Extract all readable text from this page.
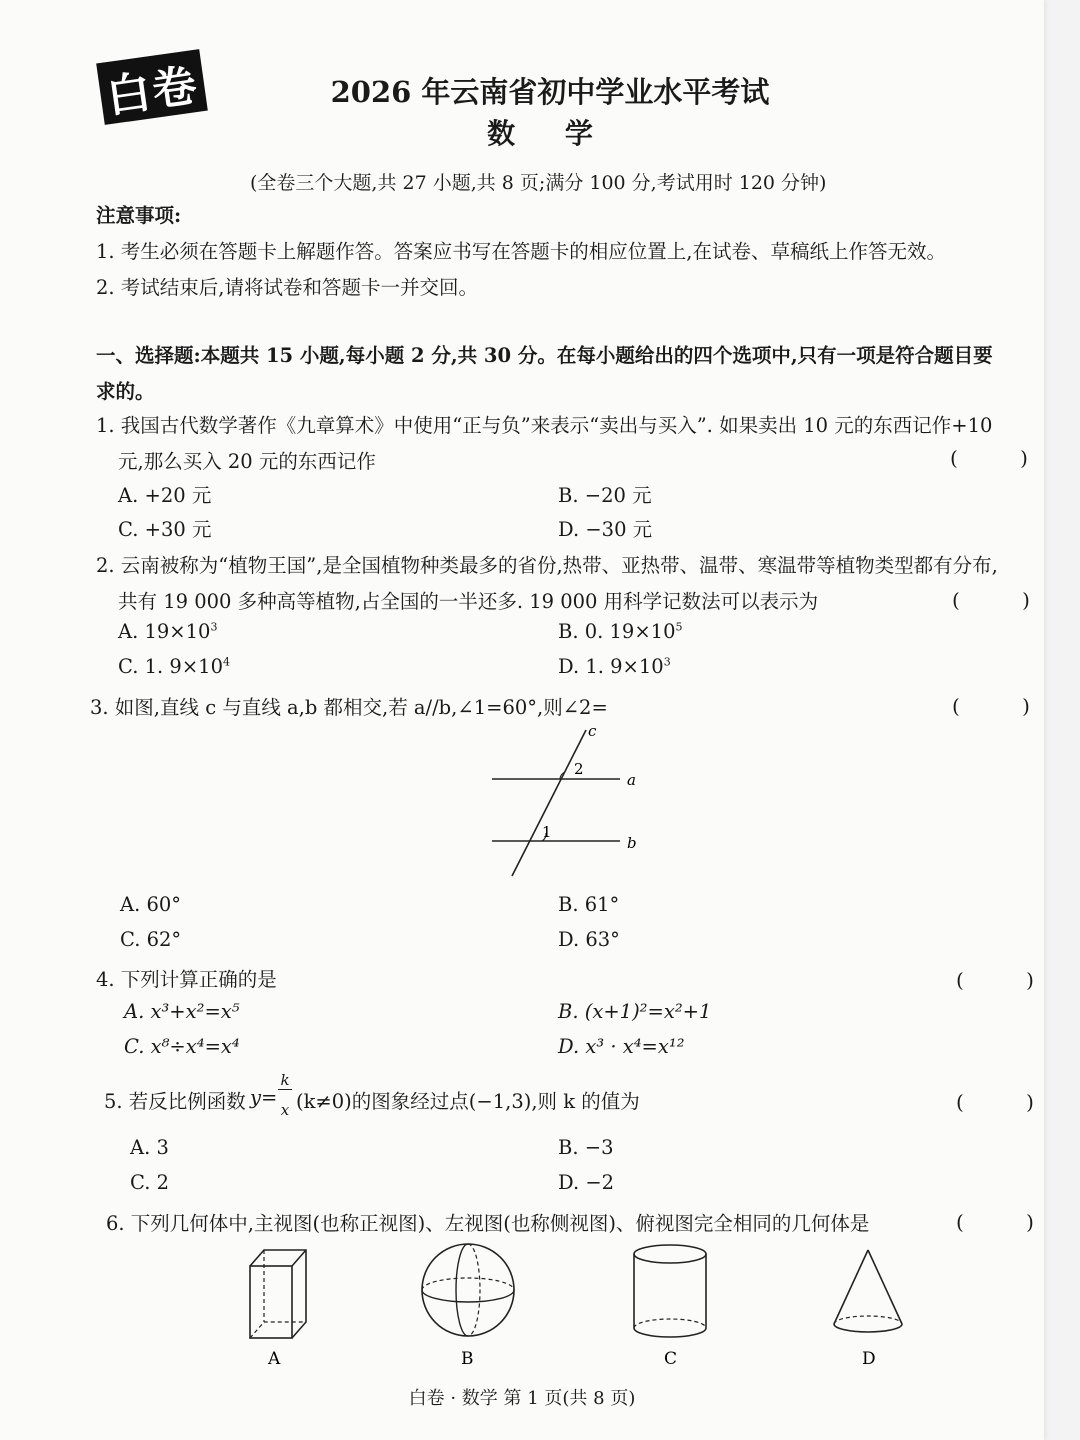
白卷	2026 年云南省初中学业水平考试
数 学
(全卷三个大题,共 27 小题,共 8 页;满分 100 分,考试用时 120 分钟)
注意事项:
1. 考生必须在答题卡上解题作答。答案应书写在答题卡的相应位置上,在试卷、草稿纸上作答无效。
2. 考试结束后,请将试卷和答题卡一并交回。
一、选择题:本题共 15 小题,每小题 2 分,共 30 分。在每小题给出的四个选项中,只有一项是符合题目要
求的。
1. 我国古代数学著作《九章算术》中使用“正与负”来表示“卖出与买入”. 如果卖出 10 元的东西记作+10
元,那么买入 20 元的东西记作	( )
A. +20 元	B. −20 元
C. +30 元	D. −30 元
2. 云南被称为“植物王国”,是全国植物种类最多的省份,热带、亚热带、温带、寒温带等植物类型都有分布,
共有 19 000 多种高等植物,占全国的一半还多. 19 000 用科学记数法可以表示为	( )
A. $19\times 10^3$	B. 0. $19\times 10^5$
C. 1. $9\times 10^4$	D. 1. $9\times 10^3$
3. 如图,直线 c 与直线 a,b 都相交,若 a//b,∠1=60°,则∠2=	( )
c
a
b
1
2
A. 60°	B. 61°
C. 62°	D. 63°
4. 下列计算正确的是	( )
A. x³+x²=x⁵	B. (x+1)²=x²+1
C. x⁸÷x⁴=x⁴	D. x³ · x⁴=x¹²
5. 若反比例函数 y=
k
x (k≠0)的图象经过点(−1,3),则 k 的值为	( )
A. 3	B. −3
C. 2	D. −2
6. 下列几何体中,主视图(也称正视图)、左视图(也称侧视图)、俯视图完全相同的几何体是	( )
A	B	C	D
白卷 · 数学 第 1 页(共 8 页)
